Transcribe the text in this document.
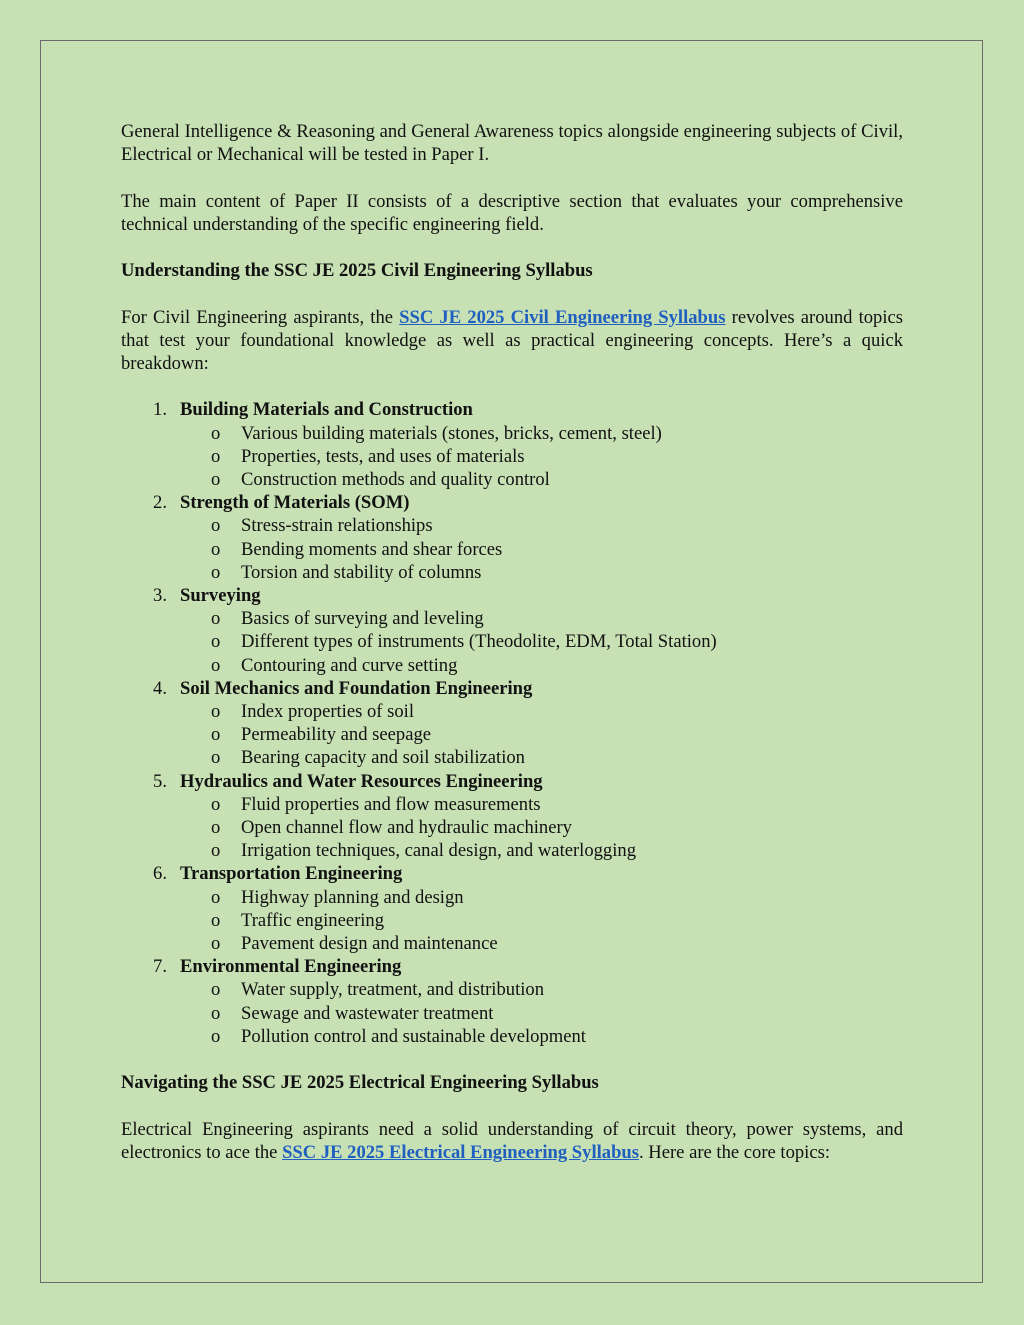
General Intelligence & Reasoning and General Awareness topics alongside engineering subjects of Civil, Electrical or Mechanical will be tested in Paper I.

The main content of Paper II consists of a descriptive section that evaluates your comprehensive technical understanding of the specific engineering field.

Understanding the SSC JE 2025 Civil Engineering Syllabus

For Civil Engineering aspirants, the SSC JE 2025 Civil Engineering Syllabus revolves around topics that test your foundational knowledge as well as practical engineering concepts. Here’s a quick breakdown:

1. Building Materials and Construction
o	Various building materials (stones, bricks, cement, steel)
o	Properties, tests, and uses of materials
o	Construction methods and quality control
2. Strength of Materials (SOM)
o	Stress-strain relationships
o	Bending moments and shear forces
o	Torsion and stability of columns
3. Surveying
o	Basics of surveying and leveling
o	Different types of instruments (Theodolite, EDM, Total Station)
o	Contouring and curve setting
4. Soil Mechanics and Foundation Engineering
o	Index properties of soil
o	Permeability and seepage
o	Bearing capacity and soil stabilization
5. Hydraulics and Water Resources Engineering
o	Fluid properties and flow measurements
o	Open channel flow and hydraulic machinery
o	Irrigation techniques, canal design, and waterlogging
6. Transportation Engineering
o	Highway planning and design
o	Traffic engineering
o	Pavement design and maintenance
7. Environmental Engineering
o	Water supply, treatment, and distribution
o	Sewage and wastewater treatment
o	Pollution control and sustainable development
Navigating the SSC JE 2025 Electrical Engineering Syllabus

Electrical Engineering aspirants need a solid understanding of circuit theory, power systems, and electronics to ace the SSC JE 2025 Electrical Engineering Syllabus. Here are the core topics:
